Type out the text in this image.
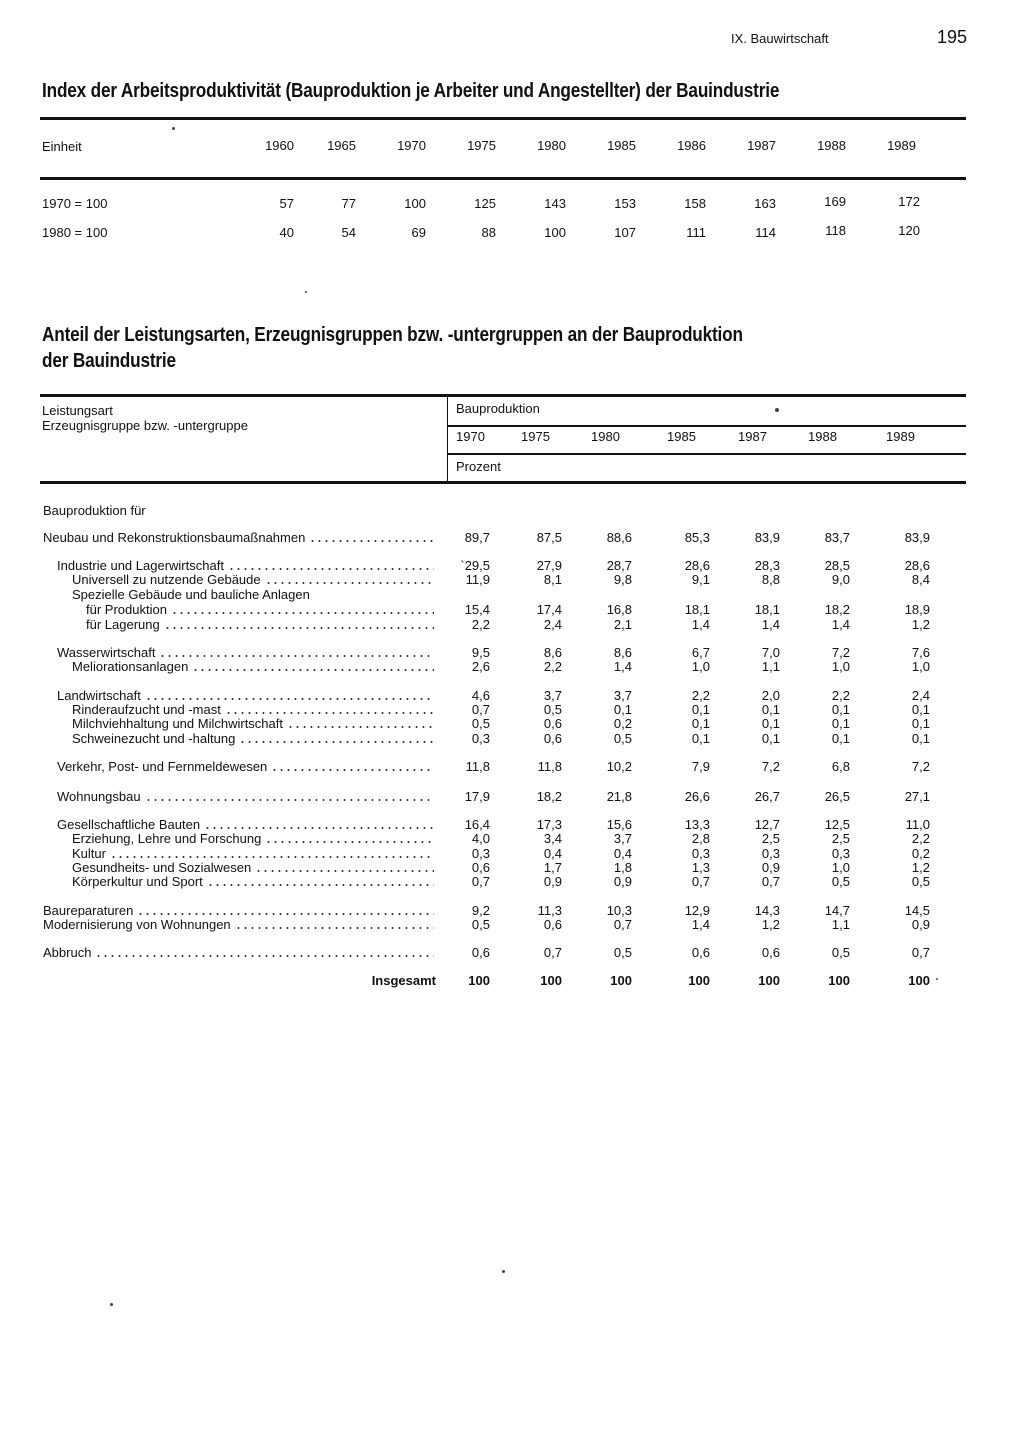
IX. Bauwirtschaft	195
Index der Arbeitsproduktivität (Bauproduktion je Arbeiter und Angestellter) der Bauindustrie
Einheit	1960	1965	1970	1975	1980	1985	1986	1987	1988	1989
1970 = 100	57	77	100	125	143	153	158	163	169	172
1980 = 100	40	54	69	88	100	107	111	114	118	120
Anteil der Leistungsarten, Erzeugnisgruppen bzw. -untergruppen an der Bauproduktion
der Bauindustrie
Leistungsart
Erzeugnisgruppe bzw. -untergruppe
Bauproduktion
1970	1975	1980	1985	1987	1988	1989
Prozent
Bauproduktion für
Neubau und Rekonstruktionsbaumaßnahmen	89,7	87,5	88,6	85,3	83,9	83,7	83,9
Industrie und Lagerwirtschaft	`29,5	27,9	28,7	28,6	28,3	28,5	28,6
Universell zu nutzende Gebäude	11,9	8,1	9,8	9,1	8,8	9,0	8,4
Spezielle Gebäude und bauliche Anlagen
für Produktion	15,4	17,4	16,8	18,1	18,1	18,2	18,9
für Lagerung	2,2	2,4	2,1	1,4	1,4	1,4	1,2
Wasserwirtschaft	9,5	8,6	8,6	6,7	7,0	7,2	7,6
Meliorationsanlagen	2,6	2,2	1,4	1,0	1,1	1,0	1,0
Landwirtschaft	4,6	3,7	3,7	2,2	2,0	2,2	2,4
Rinderaufzucht und -mast	0,7	0,5	0,1	0,1	0,1	0,1	0,1
Milchviehhaltung und Milchwirtschaft	0,5	0,6	0,2	0,1	0,1	0,1	0,1
Schweinezucht und -haltung	0,3	0,6	0,5	0,1	0,1	0,1	0,1
Verkehr, Post- und Fernmeldewesen	11,8	11,8	10,2	7,9	7,2	6,8	7,2
Wohnungsbau	17,9	18,2	21,8	26,6	26,7	26,5	27,1
Gesellschaftliche Bauten	16,4	17,3	15,6	13,3	12,7	12,5	11,0
Erziehung, Lehre und Forschung	4,0	3,4	3,7	2,8	2,5	2,5	2,2
Kultur	0,3	0,4	0,4	0,3	0,3	0,3	0,2
Gesundheits- und Sozialwesen	0,6	1,7	1,8	1,3	0,9	1,0	1,2
Körperkultur und Sport	0,7	0,9	0,9	0,7	0,7	0,5	0,5
Baureparaturen	9,2	11,3	10,3	12,9	14,3	14,7	14,5
Modernisierung von Wohnungen	0,5	0,6	0,7	1,4	1,2	1,1	0,9
Abbruch	0,6	0,7	0,5	0,6	0,6	0,5	0,7
Insgesamt	100	100	100	100	100	100	100
